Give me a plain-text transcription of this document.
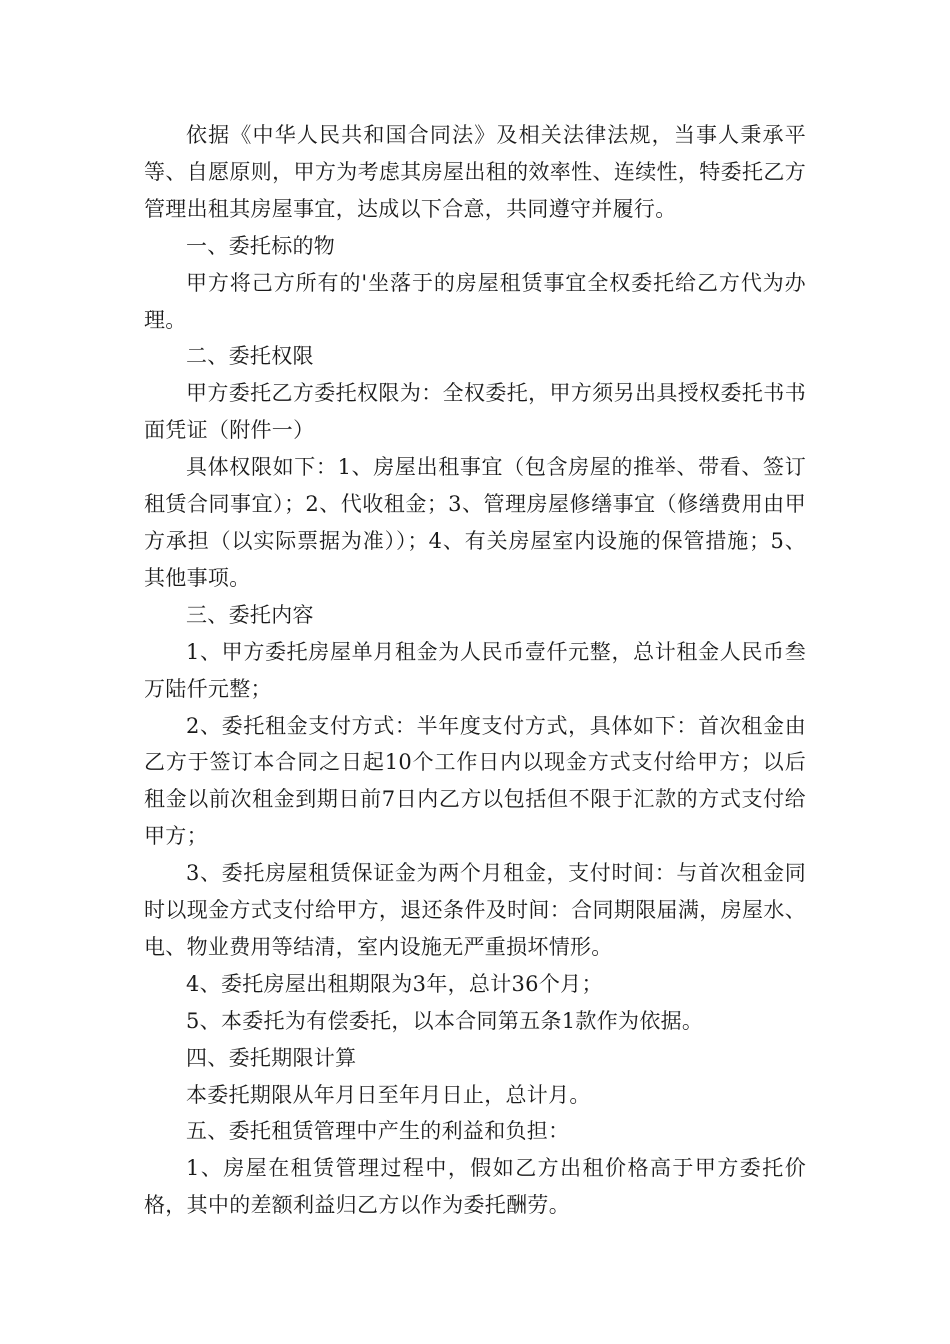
依据《中华人民共和国合同法》及相关法律法规，当事人秉承平等、自愿原则，甲方为考虑其房屋出租的效率性、连续性，特委托乙方管理出租其房屋事宜，达成以下合意，共同遵守并履行。

一、委托标的物

甲方将己方所有的'坐落于的房屋租赁事宜全权委托给乙方代为办理。

二、委托权限

甲方委托乙方委托权限为：全权委托，甲方须另出具授权委托书书面凭证（附件一）

具体权限如下：1、房屋出租事宜（包含房屋的推举、带看、签订租赁合同事宜）；2、代收租金；3、管理房屋修缮事宜（修缮费用由甲方承担（以实际票据为准））；4、有关房屋室内设施的保管措施；5、其他事项。

三、委托内容

1、甲方委托房屋单月租金为人民币壹仟元整，总计租金人民币叁万陆仟元整；

2、委托租金支付方式：半年度支付方式，具体如下：首次租金由乙方于签订本合同之日起10个工作日内以现金方式支付给甲方；以后租金以前次租金到期日前7日内乙方以包括但不限于汇款的方式支付给甲方；

3、委托房屋租赁保证金为两个月租金，支付时间：与首次租金同时以现金方式支付给甲方，退还条件及时间：合同期限届满，房屋水、电、物业费用等结清，室内设施无严重损坏情形。

4、委托房屋出租期限为3年，总计36个月；

5、本委托为有偿委托，以本合同第五条1款作为依据。

四、委托期限计算

本委托期限从年月日至年月日止，总计月。

五、委托租赁管理中产生的利益和负担：

1、房屋在租赁管理过程中，假如乙方出租价格高于甲方委托价格，其中的差额利益归乙方以作为委托酬劳。
